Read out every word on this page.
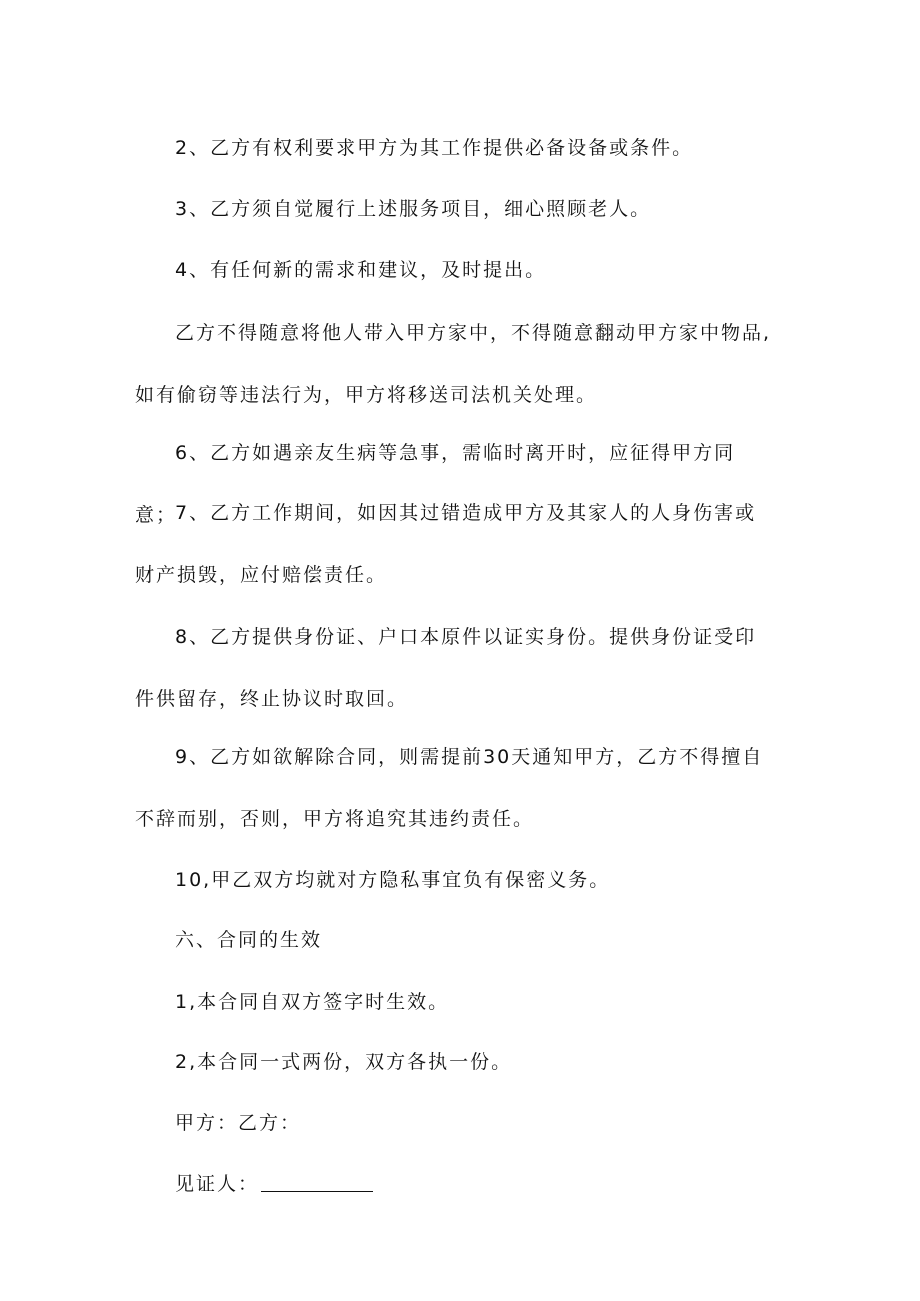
2、乙方有权利要求甲方为其工作提供必备设备或条件。
3、乙方须自觉履行上述服务项目，细心照顾老人。
4、有任何新的需求和建议，及时提出。
乙方不得随意将他人带入甲方家中，不得随意翻动甲方家中物品,如有偷窃等违法行为，甲方将移送司法机关处理。
6、乙方如遇亲友生病等急事，需临时离开时，应征得甲方同意；
7、乙方工作期间，如因其过错造成甲方及其家人的人身伤害或财产损毁，应付赔偿责任。
8、乙方提供身份证、户口本原件以证实身份。提供身份证受印件供留存，终止协议时取回。
9、乙方如欲解除合同，则需提前30天通知甲方，乙方不得擅自不辞而别，否则，甲方将追究其违约责任。
10,甲乙双方均就对方隐私事宜负有保密义务。
六、合同的生效
1,本合同自双方签字时生效。
2,本合同一式两份，双方各执一份。
甲方：乙方：
见证人：
